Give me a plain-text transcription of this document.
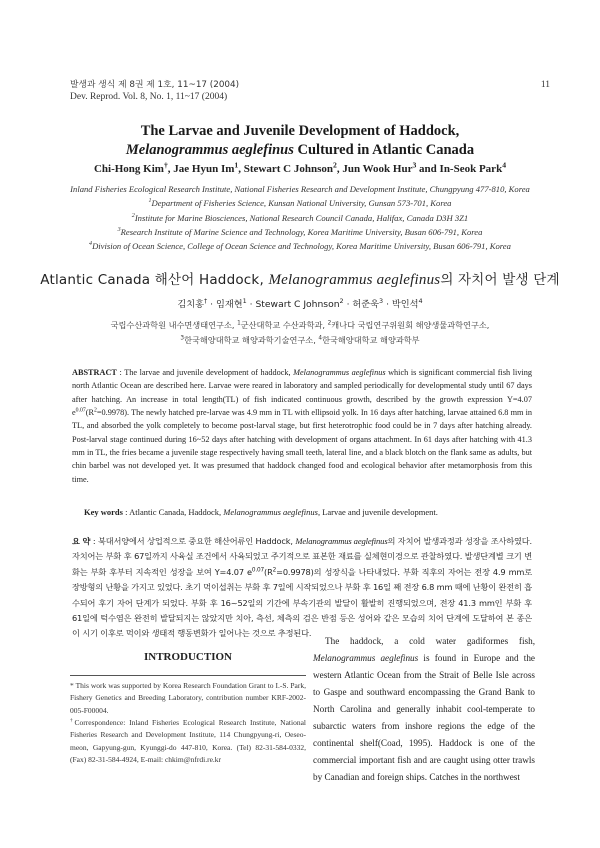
발생과 생식 제 8권 제 1호, 11~17 (2004)
Dev. Reprod. Vol. 8, No. 1, 11~17 (2004)
11
The Larvae and Juvenile Development of Haddock,
Melanogrammus aeglefinus Cultured in Atlantic Canada
Chi-Hong Kim†, Jae Hyun Im$^1$, Stewart C Johnson$^2$, Jun Wook Hur$^3$ and In-Seok Park$^4$
Inland Fisheries Ecological Research Institute, National Fisheries Research and Development Institute, Chungpyung 477-810, Korea
$^1$Department of Fisheries Science, Kunsan National University, Gunsan 573-701, Korea
$^2$Institute for Marine Biosciences, National Research Council Canada, Halifax, Canada D3H 3Z1
$^3$Research Institute of Marine Science and Technology, Korea Maritime University, Busan 606-791, Korea
$^4$Division of Ocean Science, College of Ocean Science and Technology, Korea Maritime University, Busan 606-791, Korea
Atlantic Canada 해산어 Haddock, Melanogrammus aeglefinus의 자치어 발생 단계
김치홍† · 임재현$^1$ · Stewart C Johnson$^2$ · 허준욱$^3$ · 박인석$^4$
국립수산과학원 내수면생태연구소, $^1$군산대학교 수산과학과, $^2$캐나다 국립연구위원회 해양생물과학연구소,
$^3$한국해양대학교 해양과학기술연구소, $^4$한국해양대학교 해양과학부
ABSTRACT : The larvae and juvenile development of haddock, Melanogrammus aeglefinus which is significant commercial fish living north Atlantic Ocean are described here. Larvae were reared in laboratory and sampled periodically for developmental study until 67 days after hatching. An increase in total length(TL) of fish indicated continuous growth, described by the growth expression Y=4.07 $e^{0.07}(R^2=0.9978)$. The newly hatched pre-larvae was 4.9 mm in TL with ellipsoid yolk. In 16 days after hatching, larvae attained 6.8 mm in TL, and absorbed the yolk completely to become post-larval stage, but first heterotrophic food could be in 7 days after hatching already. Post-larval stage continued during 16~52 days after hatching with development of organs attachment. In 61 days after hatching with 41.3 mm in TL, the fries became a juvenile stage respectively having small teeth, lateral line, and a black blotch on the flank same as adults, but chin barbel was not developed yet. It was presumed that haddock changed food and ecological behavior after metamorphosis from this time.
Key words : Atlantic Canada, Haddock, Melanogrammus aeglefinus, Larvae and juvenile development.
요 약 : 북대서양에서 상업적으로 중요한 해산어류인 Haddock, Melanogrammus aeglefinus의 자치어 발생과정과 성장을 조사하였다. 자치어는 부화 후 67일까지 사육실 조건에서 사육되었고 주기적으로 표본한 재료를 실체현미경으로 관찰하였다. 발생단계별 크기 변화는 부화 후부터 지속적인 성장을 보여 Y=4.07 $e^{0.07}(R^2=0.9978)$의 성장식을 나타내었다. 부화 직후의 자어는 전장 4.9 mm로 장방형의 난황을 가지고 있었다. 초기 먹이섭취는 부화 후 7일에 시작되었으나 부화 후 16일 째 전장 6.8 mm 때에 난황이 완전히 흡수되어 후기 자어 단계가 되었다. 부화 후 16~52일의 기간에 부속기관의 발달이 활발히 진행되었으며, 전장 41.3 mm인 부화 후 61일에 턱수염은 완전히 발달되지는 않았지만 치아, 측선, 체측의 검은 반점 등은 성어와 같은 모습의 치어 단계에 도달하여 본 종은 이 시기 이후로 먹이와 생태적 행동변화가 일어나는 것으로 추정된다.
INTRODUCTION
* This work was supported by Korea Research Foundation Grant to I.-S. Park, Fishery Genetics and Breeding Laboratory, contribution number KRF-2002-005-F00004.
†Correspondence: Inland Fisheries Ecological Research Institute, National Fisheries Research and Development Institute, 114 Chungpyung-ri, Oeseo-meon, Gapyung-gun, Kyunggi-do 447-810, Korea. (Tel) 82-31-584-0332, (Fax) 82-31-584-4924, E-mail: chkim@nfrdi.re.kr
The haddock, a cold water gadiformes fish, Melanogrammus aeglefinus is found in Europe and the western Atlantic Ocean from the Strait of Belle Isle across to Gaspe and southward encompassing the Grand Bank to North Carolina and generally inhabit cool-temperate to subarctic waters from inshore regions the edge of the continental shelf(Coad, 1995). Haddock is one of the commercial important fish and are caught using otter trawls by Canadian and foreign ships. Catches in the northwest
